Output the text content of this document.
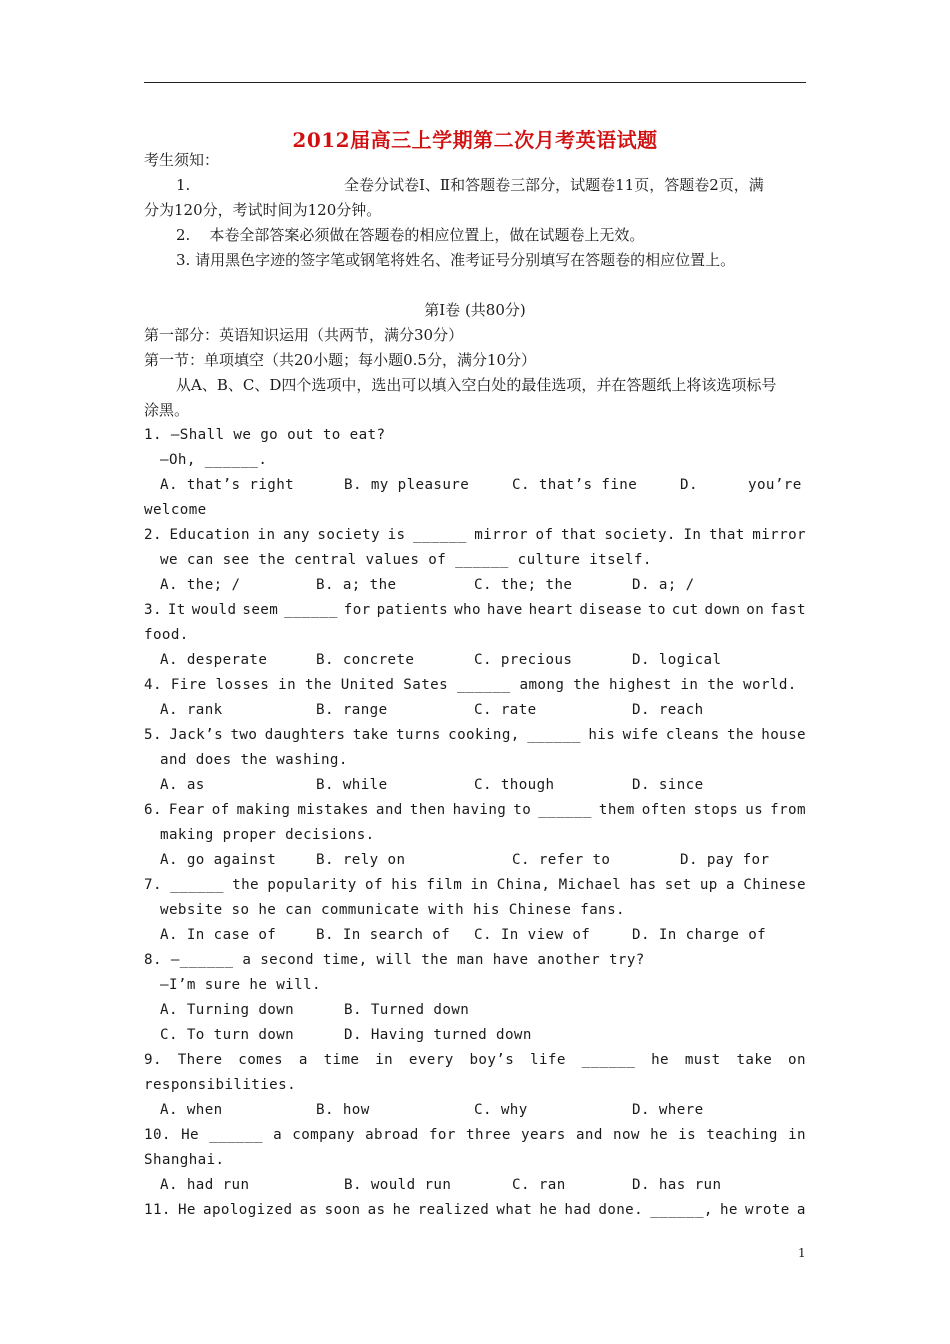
2012届高三上学期第二次月考英语试题
考生须知：
1.	全卷分试卷Ⅰ、Ⅱ和答题卷三部分，试题卷11页，答题卷2页，满
分为120分，考试时间为120分钟。
2.    本卷全部答案必须做在答题卷的相应位置上，做在试题卷上无效。
3. 请用黑色字迹的签字笔或钢笔将姓名、准考证号分别填写在答题卷的相应位置上。
第Ⅰ卷 (共80分)
第一部分：英语知识运用（共两节，满分30分）
第一节：单项填空（共20小题；每小题0.5分，满分10分）
从A、B、C、D四个选项中，选出可以填入空白处的最佳选项，并在答题纸上将该选项标号
涂黑。
1. —Shall we go out to eat?
—Oh, ______.
A. that’s right	B. my pleasure	C. that’s fine	D.	you’re
welcome
2. Education in any society is ______ mirror of that society. In that mirror
we can see the central values of ______ culture itself.
A. the; /	B. a; the	C. the; the	D. a; /
3. It would seem ______ for patients who have heart disease to cut down on fast
food.
A. desperate	B. concrete	C. precious	D. logical
4. Fire losses in the United Sates ______ among the highest in the world.
A. rank	B. range	C. rate	D. reach
5. Jack’s two daughters take turns cooking, ______ his wife cleans the house
and does the washing.
A. as	B. while	C. though	D. since
6. Fear of making mistakes and then having to ______ them often stops us from
making proper decisions.
A. go against	B. rely on	C. refer to	D. pay for
7. ______ the popularity of his film in China, Michael has set up a Chinese
website so he can communicate with his Chinese fans.
A. In case of	B. In search of C. In view of	D. In charge of
8. —______ a second time, will the man have another try?
—I’m sure he will.
A. Turning down	B. Turned down
C. To turn down	D. Having turned down
9. There comes a time in every boy’s life ______ he must take on
responsibilities.
A. when	B. how	C. why	D. where
10. He ______ a company abroad for three years and now he is teaching in
Shanghai.
A. had run	B. would run	C. ran	D. has run
11. He apologized as soon as he realized what he had done. ______, he wrote a
1
